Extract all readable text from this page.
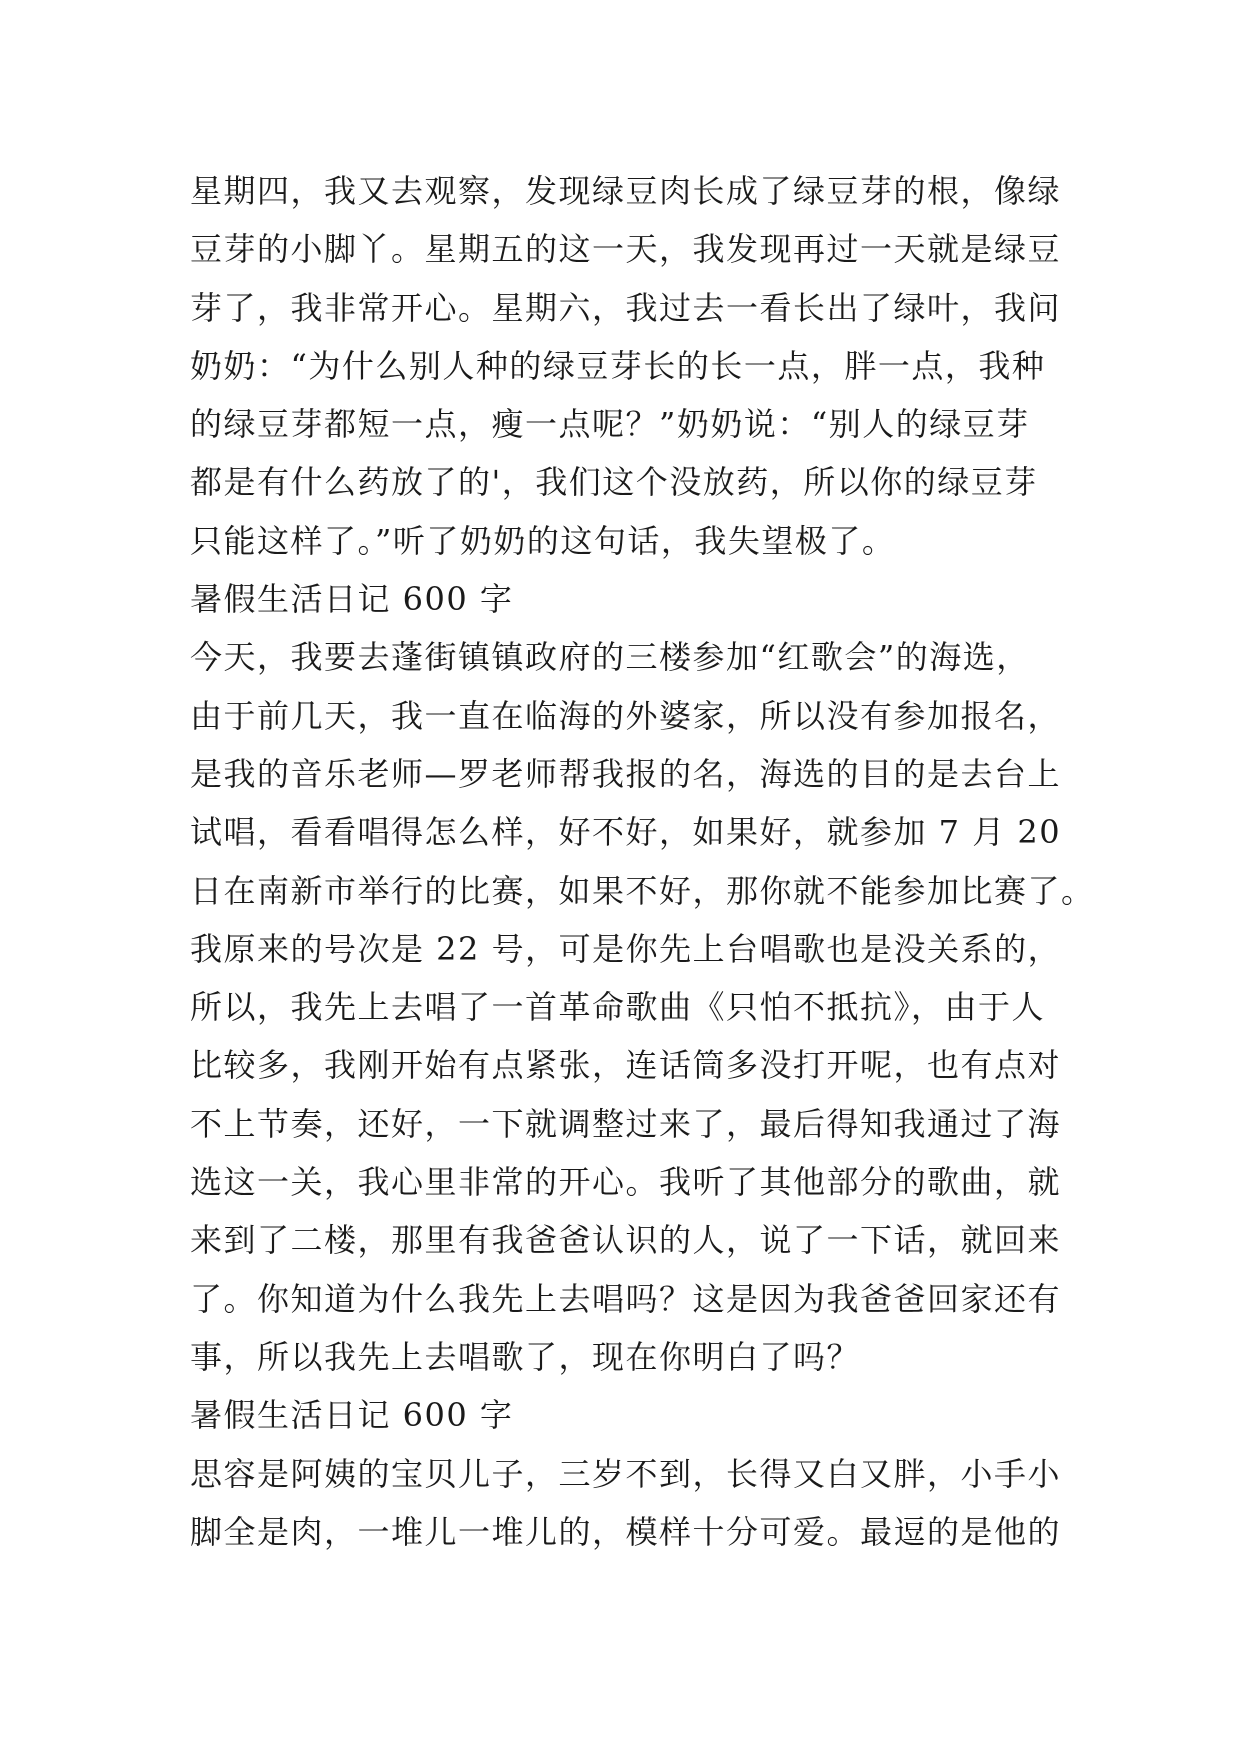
星期四，我又去观察，发现绿豆肉长成了绿豆芽的根，像绿
豆芽的小脚丫。星期五的这一天，我发现再过一天就是绿豆
芽了，我非常开心。星期六，我过去一看长出了绿叶，我问
奶奶：“为什么别人种的绿豆芽长的长一点，胖一点，我种
的绿豆芽都短一点，瘦一点呢？”奶奶说：“别人的绿豆芽
都是有什么药放了的'，我们这个没放药，所以你的绿豆芽
只能这样了。”听了奶奶的这句话，我失望极了。
暑假生活日记 600 字
今天，我要去蓬街镇镇政府的三楼参加“红歌会”的海选，
由于前几天，我一直在临海的外婆家，所以没有参加报名，
是我的音乐老师—罗老师帮我报的名，海选的目的是去台上
试唱，看看唱得怎么样，好不好，如果好，就参加 7 月 20
日在南新市举行的比赛，如果不好，那你就不能参加比赛了。
我原来的号次是 22 号，可是你先上台唱歌也是没关系的，
所以，我先上去唱了一首革命歌曲《只怕不抵抗》，由于人
比较多，我刚开始有点紧张，连话筒多没打开呢，也有点对
不上节奏，还好，一下就调整过来了，最后得知我通过了海
选这一关，我心里非常的开心。我听了其他部分的歌曲，就
来到了二楼，那里有我爸爸认识的人，说了一下话，就回来
了。你知道为什么我先上去唱吗？这是因为我爸爸回家还有
事，所以我先上去唱歌了，现在你明白了吗？
暑假生活日记 600 字
思容是阿姨的宝贝儿子，三岁不到，长得又白又胖，小手小
脚全是肉，一堆儿一堆儿的，模样十分可爱。最逗的是他的
